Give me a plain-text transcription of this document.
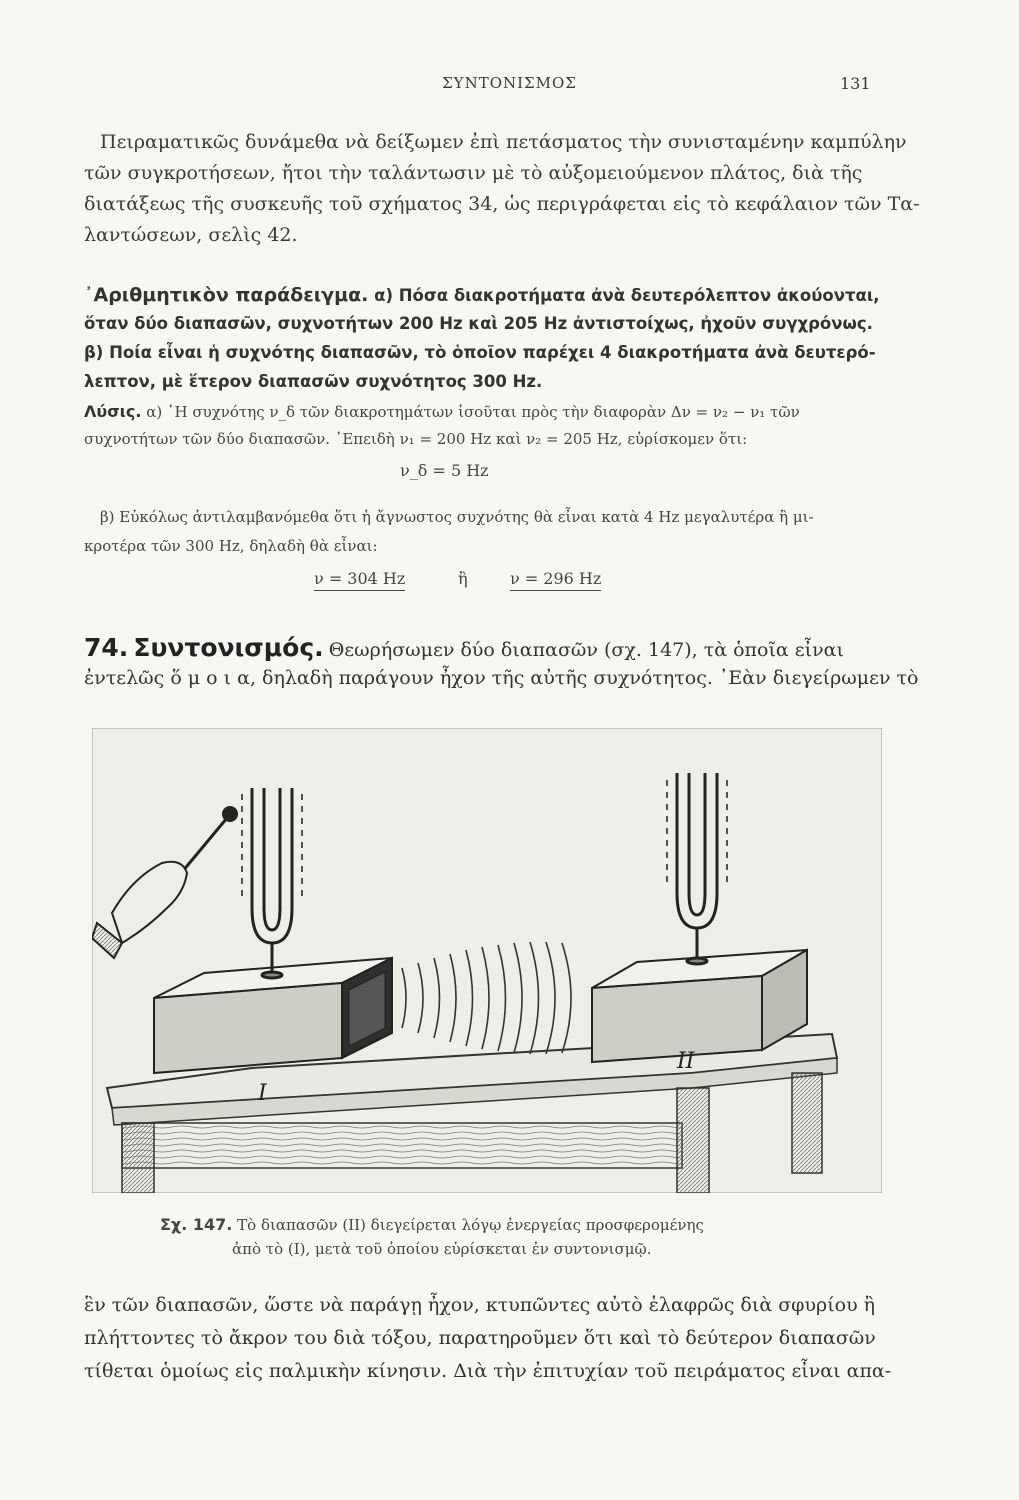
ΣΥΝΤΟΝΙΣΜΟΣ	131
Πειραματικῶς δυνάμεθα νὰ δείξωμεν ἐπὶ πετάσματος τὴν συνισταμένην καμπύλην
τῶν συγκροτήσεων, ἤτοι τὴν ταλάντωσιν μὲ τὸ αὐξομειούμενον πλάτος, διὰ τῆς
διατάξεως τῆς συσκευῆς τοῦ σχήματος 34, ὡς περιγράφεται εἰς τὸ κεφάλαιον τῶν Τα-
λαντώσεων, σελὶς 42.
᾿Αριθμητικὸν παράδειγμα. α) Πόσα διακροτήματα ἀνὰ δευτερόλεπτον ἀκούονται,
ὅταν δύο διαπασῶν, συχνοτήτων 200 Hz καὶ 205 Hz ἀντιστοίχως, ἠχοῦν συγχρόνως.
β) Ποία εἶναι ἡ συχνότης διαπασῶν, τὸ ὁποῖον παρέχει 4 διακροτήματα ἀνὰ δευτερό-
λεπτον, μὲ ἕτερον διαπασῶν συχνότητος 300 Hz.
Λύσις. α) ῾Η συχνότης ν_δ τῶν διακροτημάτων ἰσοῦται πρὸς τὴν διαφορὰν Δν = ν₂ − ν₁ τῶν
συχνοτήτων τῶν δύο διαπασῶν. ᾿Επειδὴ ν₁ = 200 Hz καὶ ν₂ = 205 Hz, εὑρίσκομεν ὅτι:
ν_δ = 5 Hz
β) Εὐκόλως ἀντιλαμβανόμεθα ὅτι ἡ ἄγνωστος συχνότης θὰ εἶναι κατὰ 4 Hz μεγαλυτέρα ἢ μι-
κροτέρα τῶν 300 Hz, δηλαδὴ θὰ εἶναι:
ν = 304 Hz	ἢ	ν = 296 Hz
74. Συντονισμός. Θεωρήσωμεν δύο διαπασῶν (σχ. 147), τὰ ὁποῖα εἶναι
ἐντελῶς ὅ μ ο ι α, δηλαδὴ παράγουν ἦχον τῆς αὐτῆς συχνότητος. ᾿Εὰν διεγείρωμεν τὸ
I
II
Σχ. 147. Τὸ διαπασῶν (ΙΙ) διεγείρεται λόγῳ ἐνεργείας προσφερομένης
ἀπὸ τὸ (Ι), μετὰ τοῦ ὁποίου εὑρίσκεται ἐν συντονισμῷ.
ἓν τῶν διαπασῶν, ὥστε νὰ παράγῃ ἦχον, κτυπῶντες αὐτὸ ἐλαφρῶς διὰ σφυρίου ἢ
πλήττοντες τὸ ἄκρον του διὰ τόξου, παρατηροῦμεν ὅτι καὶ τὸ δεύτερον διαπασῶν
τίθεται ὁμοίως εἰς παλμικὴν κίνησιν. Διὰ τὴν ἐπιτυχίαν τοῦ πειράματος εἶναι απα-
